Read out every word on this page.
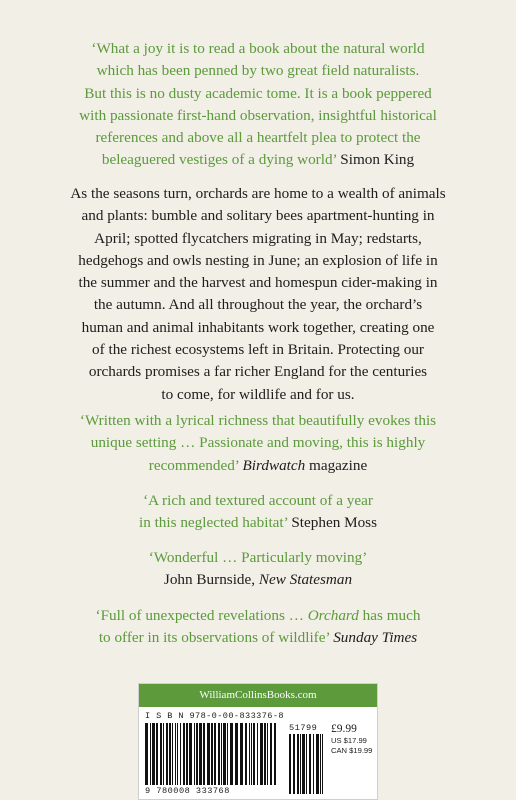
‘What a joy it is to read a book about the natural world
which has been penned by two great field naturalists.
But this is no dusty academic tome. It is a book peppered
with passionate first-hand observation, insightful historical
references and above all a heartfelt plea to protect the
beleaguered vestiges of a dying world’ Simon King
As the seasons turn, orchards are home to a wealth of animals
and plants: bumble and solitary bees apartment-hunting in
April; spotted flycatchers migrating in May; redstarts,
hedgehogs and owls nesting in June; an explosion of life in
the summer and the harvest and homespun cider-making in
the autumn. And all throughout the year, the orchard’s
human and animal inhabitants work together, creating one
of the richest ecosystems left in Britain. Protecting our
orchards promises a far richer England for the centuries
to come, for wildlife and for us.
‘Written with a lyrical richness that beautifully evokes this
unique setting … Passionate and moving, this is highly
recommended’ Birdwatch magazine
‘A rich and textured account of a year
in this neglected habitat’ Stephen Moss
‘Wonderful … Particularly moving’
John Burnside, New Statesman
‘Full of unexpected revelations … Orchard has much
to offer in its observations of wildlife’ Sunday Times
WilliamCollinsBooks.com
I S B N 978-0-00-833376-8
9 780008 333768
51799 £9.99
US $17.99
CAN $19.99
